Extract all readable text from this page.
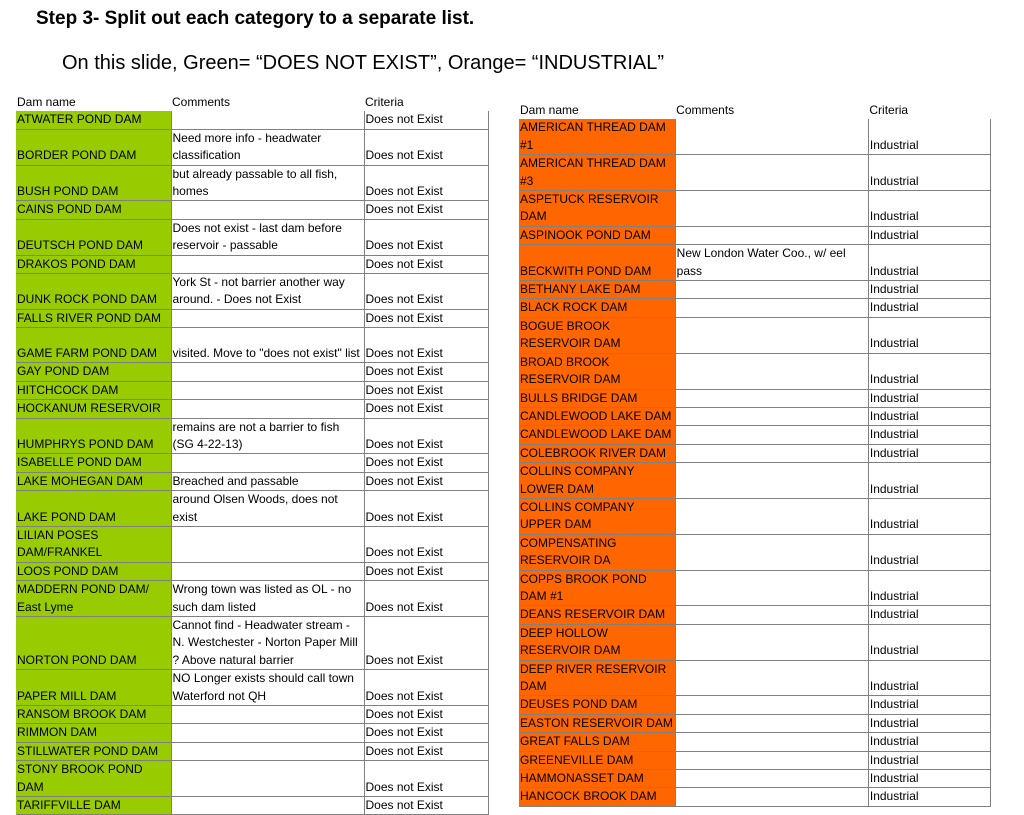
Step 3- Split out each category to a separate list.
On this slide, Green= “DOES NOT EXIST”, Orange= “INDUSTRIAL”
Dam name	Comments	Criteria
ATWATER POND DAM		Does not Exist
BORDER POND DAM	Need more info - headwater classification	Does not Exist
BUSH POND DAM	but already passable to all fish, homes	Does not Exist
CAINS POND DAM		Does not Exist
DEUTSCH POND DAM	Does not exist - last dam before reservoir - passable	Does not Exist
DRAKOS POND DAM		Does not Exist
DUNK ROCK POND DAM	York St - not barrier another way around. - Does not Exist	Does not Exist
FALLS RIVER POND DAM		Does not Exist
GAME FARM POND DAM	visited. Move to "does not exist" list	Does not Exist
GAY POND DAM		Does not Exist
HITCHCOCK DAM		Does not Exist
HOCKANUM RESERVOIR		Does not Exist
HUMPHRYS POND DAM	remains are not a barrier to fish (SG 4-22-13)	Does not Exist
ISABELLE POND DAM		Does not Exist
LAKE MOHEGAN DAM	Breached and passable	Does not Exist
LAKE POND DAM	around Olsen Woods, does not exist	Does not Exist
LILIAN POSES DAM/FRANKEL		Does not Exist
LOOS POND DAM		Does not Exist
MADDERN POND DAM/ East Lyme	Wrong town was listed as OL - no such dam listed	Does not Exist
NORTON POND DAM	Cannot find - Headwater stream - N. Westchester - Norton Paper Mill ? Above natural barrier	Does not Exist
PAPER MILL DAM	NO Longer exists should call town Waterford not QH	Does not Exist
RANSOM BROOK DAM		Does not Exist
RIMMON DAM		Does not Exist
STILLWATER POND DAM		Does not Exist
STONY BROOK POND DAM		Does not Exist
TARIFFVILLE DAM		Does not Exist
Dam name	Comments	Criteria
AMERICAN THREAD DAM #1		Industrial
AMERICAN THREAD DAM #3		Industrial
ASPETUCK RESERVOIR DAM		Industrial
ASPINOOK POND DAM		Industrial
BECKWITH POND DAM	New London Water Coo., w/ eel pass	Industrial
BETHANY LAKE DAM		Industrial
BLACK ROCK DAM		Industrial
BOGUE BROOK RESERVOIR DAM		Industrial
BROAD BROOK RESERVOIR DAM		Industrial
BULLS BRIDGE DAM		Industrial
CANDLEWOOD LAKE DAM		Industrial
CANDLEWOOD LAKE DAM		Industrial
COLEBROOK RIVER DAM		Industrial
COLLINS COMPANY LOWER DAM		Industrial
COLLINS COMPANY UPPER DAM		Industrial
COMPENSATING RESERVOIR DA		Industrial
COPPS BROOK POND DAM #1		Industrial
DEANS RESERVOIR DAM		Industrial
DEEP HOLLOW RESERVOIR DAM		Industrial
DEEP RIVER RESERVOIR DAM		Industrial
DEUSES POND DAM		Industrial
EASTON RESERVOIR DAM		Industrial
GREAT FALLS DAM		Industrial
GREENEVILLE DAM		Industrial
HAMMONASSET DAM		Industrial
HANCOCK BROOK DAM		Industrial
